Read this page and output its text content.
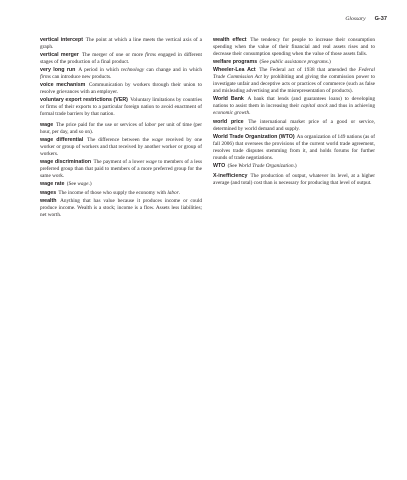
Glossary G-37

vertical intercept The point at which a line meets the vertical axis of a graph.

vertical merger The merger of one or more firms engaged in different stages of the production of a final product.

very long run A period in which technology can change and in which firms can introduce new products.

voice mechanism Communication by workers through their union to resolve grievances with an employer.

voluntary export restrictions (VER) Voluntary limitations by countries or firms of their exports to a particular foreign nation to avoid enactment of formal trade barriers by that nation.

wage The price paid for the use or services of labor per unit of time (per hour, per day, and so on).

wage differential The difference between the wage received by one worker or group of workers and that received by another worker or group of workers.

wage discrimination The payment of a lower wage to members of a less preferred group than that paid to members of a more preferred group for the same work.

wage rate (See wage.)

wages The income of those who supply the economy with labor.

wealth Anything that has value because it produces income or could produce income. Wealth is a stock; income is a flow. Assets less liabilities; net worth.

wealth effect The tendency for people to increase their consumption spending when the value of their financial and real assets rises and to decrease their consumption spending when the value of those assets falls.

welfare programs (See public assistance programs.)

Wheeler-Lea Act The Federal act of 1938 that amended the Federal Trade Commission Act by prohibiting and giving the commission power to investigate unfair and deceptive acts or practices of commerce (such as false and misleading advertising and the misrepresentation of products).

World Bank A bank that lends (and guarantees loans) to developing nations to assist them in increasing their capital stock and thus in achieving economic growth.

world price The international market price of a good or service, determined by world demand and supply.

World Trade Organization (WTO) An organization of 149 nations (as of fall 2006) that oversees the provisions of the current world trade agreement, resolves trade disputes stemming from it, and holds forums for further rounds of trade negotiations.

WTO (See World Trade Organization.)

X-inefficiency The production of output, whatever its level, at a higher average (and total) cost than is necessary for producing that level of output.
